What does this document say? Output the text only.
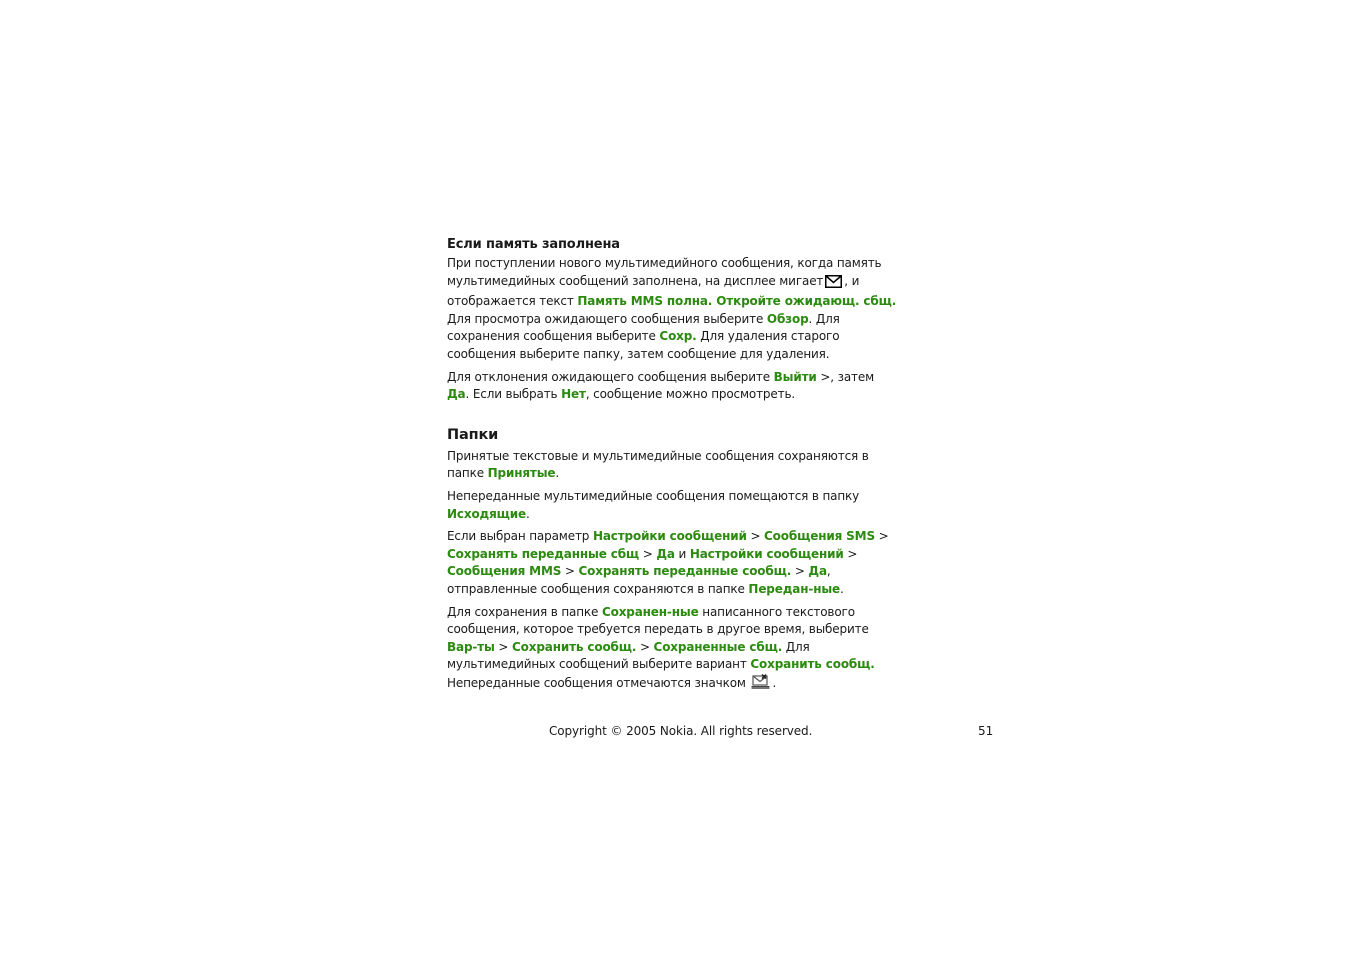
Если память заполнена

При поступлении нового мультимедийного сообщения, когда память мультимедийных сообщений заполнена, на дисплее мигает , и отображается текст Память MMS полна. Откройте ожидающ. сбщ.

Для просмотра ожидающего сообщения выберите Обзор. Для сохранения сообщения выберите Сохр. Для удаления старого сообщения выберите папку, затем сообщение для удаления.

Для отклонения ожидающего сообщения выберите Выйти >, затем Да. Если выбрать Нет, сообщение можно просмотреть.

Папки

Принятые текстовые и мультимедийные сообщения сохраняются в папке Принятые.

Непереданные мультимедийные сообщения помещаются в папку Исходящие.

Если выбран параметр Настройки сообщений > Сообщения SMS > Сохранять переданные сбщ > Да и Настройки сообщений > Сообщения MMS > Сохранять переданные сообщ. > Да, отправленные сообщения сохраняются в папке Передан-ные.

Для сохранения в папке Сохранен-ные написанного текстового сообщения, которое требуется передать в другое время, выберите Вар-ты > Сохранить сообщ. > Сохраненные сбщ. Для мультимедийных сообщений выберите вариант Сохранить сообщ. Непереданные сообщения отмечаются значком .

Copyright © 2005 Nokia. All rights reserved.	51
